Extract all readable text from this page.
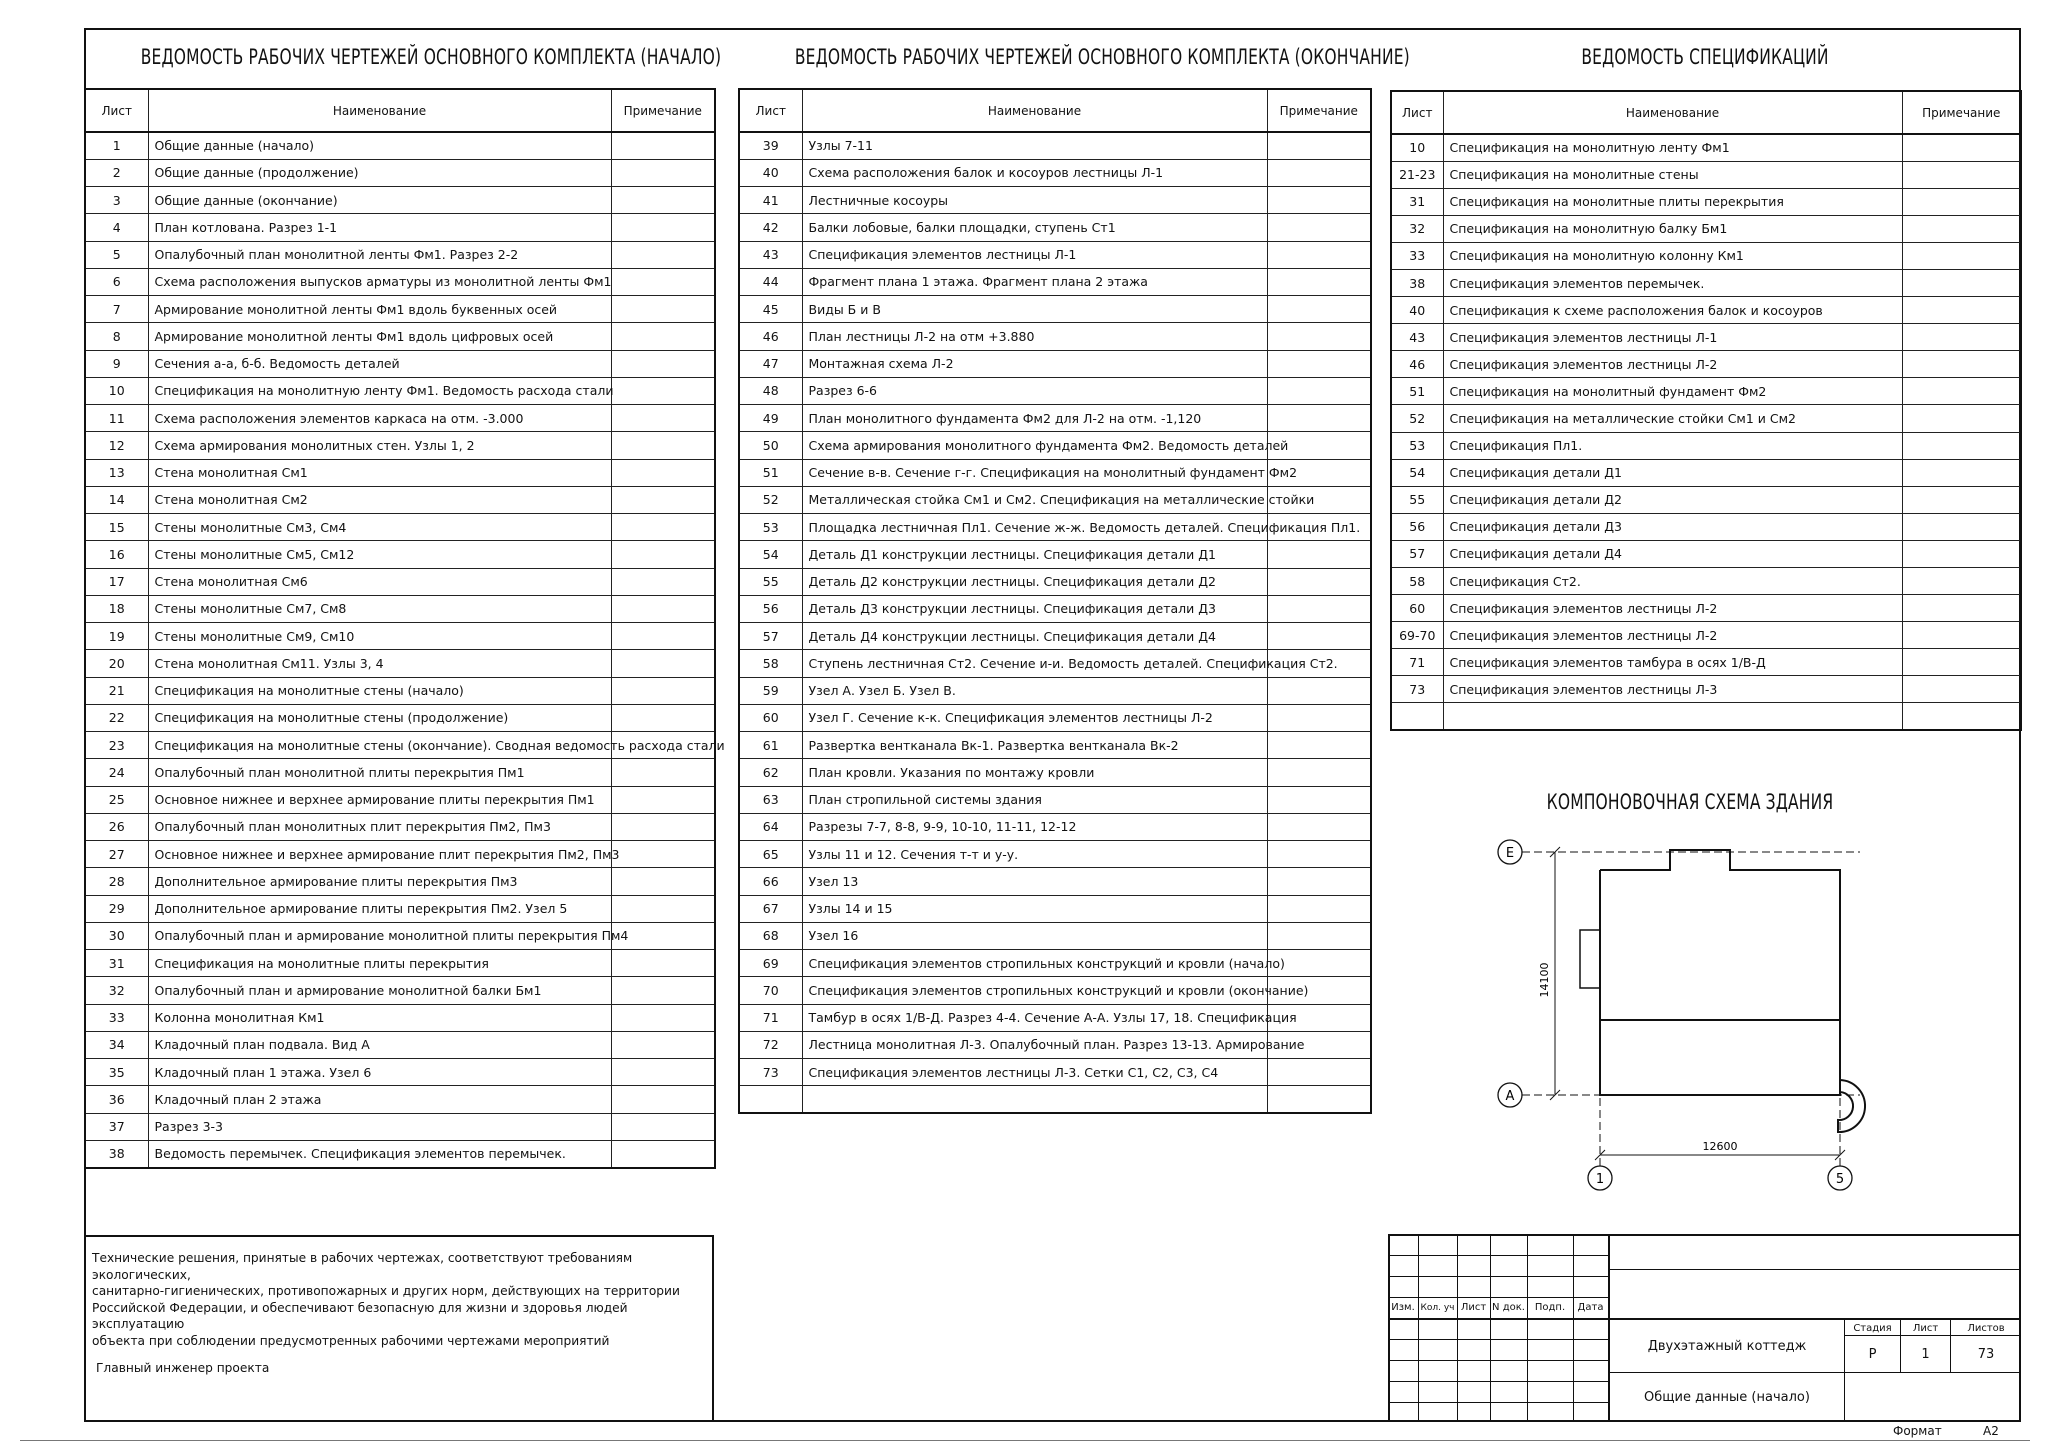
ВЕДОМОСТЬ РАБОЧИХ ЧЕРТЕЖЕЙ ОСНОВНОГО КОМПЛЕКТА (НАЧАЛО)
Лист	Наименование	Примечание
1	Общие данные (начало)	
2	Общие данные (продолжение)	
3	Общие данные (окончание)	
4	План котлована. Разрез 1-1	
5	Опалубочный план монолитной ленты Фм1. Разрез 2-2	
6	Схема расположения выпусков арматуры из монолитной ленты Фм1	
7	Армирование монолитной ленты Фм1 вдоль буквенных осей	
8	Армирование монолитной ленты Фм1 вдоль цифровых осей	
9	Сечения а-а, б-б. Ведомость деталей	
10	Спецификация на монолитную ленту Фм1. Ведомость расхода стали	
11	Схема расположения элементов каркаса на отм. -3.000	
12	Схема армирования монолитных стен. Узлы 1, 2	
13	Стена монолитная См1	
14	Стена монолитная См2	
15	Стены монолитные См3, См4	
16	Стены монолитные См5, См12	
17	Стена монолитная См6	
18	Стены монолитные См7, См8	
19	Стены монолитные См9, См10	
20	Стена монолитная См11. Узлы 3, 4	
21	Спецификация на монолитные стены (начало)	
22	Спецификация на монолитные стены (продолжение)	
23	Спецификация на монолитные стены (окончание). Сводная ведомость расхода стали	
24	Опалубочный план монолитной плиты перекрытия Пм1	
25	Основное нижнее и верхнее армирование плиты перекрытия Пм1	
26	Опалубочный план монолитных плит перекрытия Пм2, Пм3	
27	Основное нижнее и верхнее армирование плит перекрытия Пм2, Пм3	
28	Дополнительное армирование плиты перекрытия Пм3	
29	Дополнительное армирование плиты перекрытия Пм2. Узел 5	
30	Опалубочный план и армирование монолитной плиты перекрытия Пм4	
31	Спецификация на монолитные плиты перекрытия	
32	Опалубочный план и армирование монолитной балки Бм1	
33	Колонна монолитная Км1	
34	Кладочный план подвала. Вид А	
35	Кладочный план 1 этажа. Узел 6	
36	Кладочный план 2 этажа	
37	Разрез 3-3	
38	Ведомость перемычек. Спецификация элементов перемычек.	
ВЕДОМОСТЬ РАБОЧИХ ЧЕРТЕЖЕЙ ОСНОВНОГО КОМПЛЕКТА (ОКОНЧАНИЕ)
Лист	Наименование	Примечание
39	Узлы 7-11	
40	Схема расположения балок и косоуров лестницы Л-1	
41	Лестничные косоуры	
42	Балки лобовые, балки площадки, ступень Ст1	
43	Спецификация элементов лестницы Л-1	
44	Фрагмент плана 1 этажа. Фрагмент плана 2 этажа	
45	Виды Б и В	
46	План лестницы Л-2 на отм +3.880	
47	Монтажная схема Л-2	
48	Разрез 6-6	
49	План монолитного фундамента Фм2 для Л-2 на отм. -1,120	
50	Схема армирования монолитного фундамента Фм2. Ведомость деталей	
51	Сечение в-в. Сечение г-г. Спецификация на монолитный фундамент Фм2	
52	Металлическая стойка См1 и См2. Спецификация на металлические стойки	
53	Площадка лестничная Пл1. Сечение ж-ж. Ведомость деталей. Спецификация Пл1.	
54	Деталь Д1 конструкции лестницы. Спецификация детали Д1	
55	Деталь Д2 конструкции лестницы. Спецификация детали Д2	
56	Деталь Д3 конструкции лестницы. Спецификация детали Д3	
57	Деталь Д4 конструкции лестницы. Спецификация детали Д4	
58	Ступень лестничная Ст2. Сечение и-и. Ведомость деталей. Спецификация Ст2.	
59	Узел А. Узел Б. Узел В.	
60	Узел Г. Сечение к-к. Спецификация элементов лестницы Л-2	
61	Развертка вентканала Вк-1. Развертка вентканала Вк-2	
62	План кровли. Указания по монтажу кровли	
63	План стропильной системы здания	
64	Разрезы 7-7, 8-8, 9-9, 10-10, 11-11, 12-12	
65	Узлы 11 и 12. Сечения т-т и у-у.	
66	Узел 13	
67	Узлы 14 и 15	
68	Узел 16	
69	Спецификация элементов стропильных конструкций и кровли (начало)	
70	Спецификация элементов стропильных конструкций и кровли (окончание)	
71	Тамбур в осях 1/В-Д. Разрез 4-4. Сечение А-А. Узлы 17, 18. Спецификация	
72	Лестница монолитная Л-3. Опалубочный план. Разрез 13-13. Армирование	
73	Спецификация элементов лестницы Л-3. Сетки С1, С2, С3, С4	

ВЕДОМОСТЬ СПЕЦИФИКАЦИЙ
Лист	Наименование	Примечание
10	Спецификация на монолитную ленту Фм1	
21-23	Спецификация на монолитные стены	
31	Спецификация на монолитные плиты перекрытия	
32	Спецификация на монолитную балку Бм1	
33	Спецификация на монолитную колонну Км1	
38	Спецификация элементов перемычек.	
40	Спецификация к схеме расположения балок и косоуров	
43	Спецификация элементов лестницы Л-1	
46	Спецификация элементов лестницы Л-2	
51	Спецификация на монолитный фундамент Фм2	
52	Спецификация на металлические стойки См1 и См2	
53	Спецификация Пл1.	
54	Спецификация детали Д1	
55	Спецификация детали Д2	
56	Спецификация детали Д3	
57	Спецификация детали Д4	
58	Спецификация Ст2.	
60	Спецификация элементов лестницы Л-2	
69-70	Спецификация элементов лестницы Л-2	
71	Спецификация элементов тамбура в осях 1/В-Д	
73	Спецификация элементов лестницы Л-3	

КОМПОНОВОЧНАЯ СХЕМА ЗДАНИЯ
14100
12600
Е
А
1	5
Технические решения, принятые в рабочих чертежах, соответствуют требованиям экологических,
санитарно-гигиенических, противопожарных и других норм, действующих на территории
Российской Федерации, и обеспечивают безопасную для жизни и здоровья людей эксплуатацию
объекта при соблюдении предусмотренных рабочими чертежами мероприятий
Главный инженер проекта
Изм. Кол. уч Лист N док. Подп.	Дата
Двухэтажный коттедж
Общие данные (начало)
Стадия	Лист	Листов
Р	1	73
Формат	А2
